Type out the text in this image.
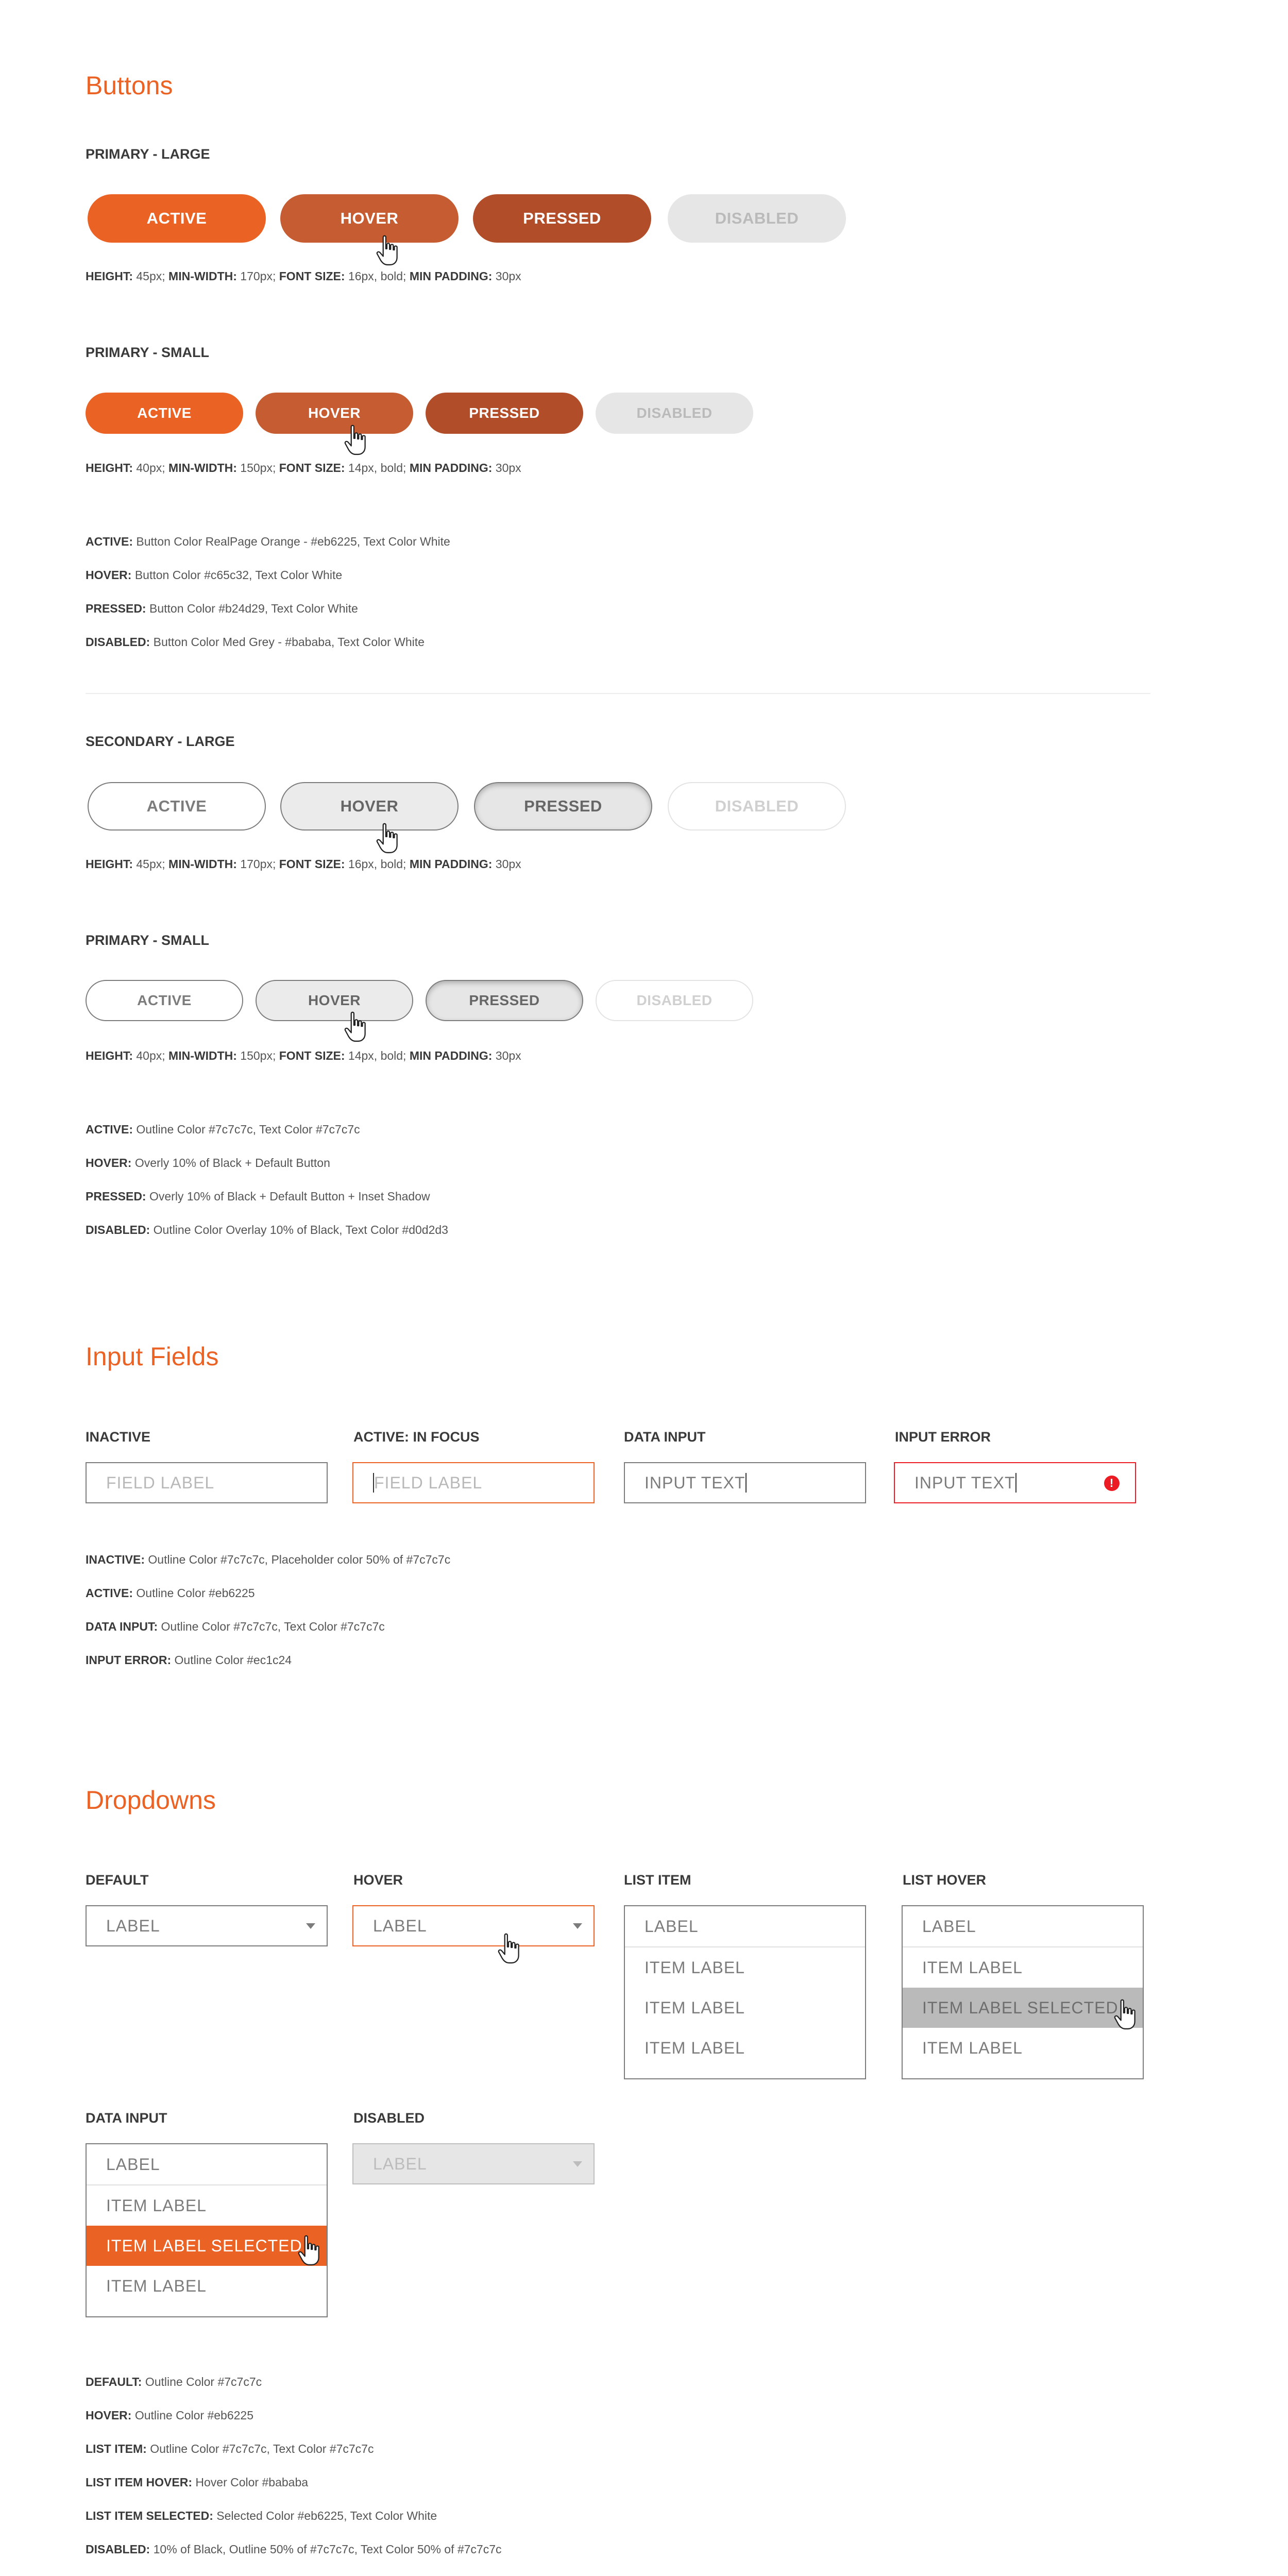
Buttons
PRIMARY - LARGE
ACTIVE	HOVER	PRESSED	DISABLED
HEIGHT: 45px; MIN-WIDTH: 170px; FONT SIZE: 16px, bold; MIN PADDING: 30px
PRIMARY - SMALL
ACTIVE	HOVER	PRESSED	DISABLED
HEIGHT: 40px; MIN-WIDTH: 150px; FONT SIZE: 14px, bold; MIN PADDING: 30px
ACTIVE: Button Color RealPage Orange - #eb6225, Text Color White
HOVER: Button Color #c65c32, Text Color White
PRESSED: Button Color #b24d29, Text Color White
DISABLED: Button Color Med Grey - #bababa, Text Color White
SECONDARY - LARGE
ACTIVE	HOVER	PRESSED	DISABLED
HEIGHT: 45px; MIN-WIDTH: 170px; FONT SIZE: 16px, bold; MIN PADDING: 30px
PRIMARY - SMALL
ACTIVE	HOVER	PRESSED	DISABLED
HEIGHT: 40px; MIN-WIDTH: 150px; FONT SIZE: 14px, bold; MIN PADDING: 30px
ACTIVE: Outline Color #7c7c7c, Text Color #7c7c7c
HOVER: Overly 10% of Black + Default Button
PRESSED: Overly 10% of Black + Default Button + Inset Shadow
DISABLED: Outline Color Overlay 10% of Black, Text Color #d0d2d3
Input Fields
INACTIVE	ACTIVE: IN FOCUS	DATA INPUT	INPUT ERROR
FIELD LABEL	FIELD LABEL	INPUT TEXT	INPUT TEXT	!
INACTIVE: Outline Color #7c7c7c, Placeholder color 50% of #7c7c7c
ACTIVE: Outline Color #eb6225
DATA INPUT: Outline Color #7c7c7c, Text Color #7c7c7c
INPUT ERROR: Outline Color #ec1c24
Dropdowns
DEFAULT	HOVER	LIST ITEM	LIST HOVER
LABEL	LABEL	LABEL
ITEM LABEL
ITEM LABEL
ITEM LABEL
LABEL
ITEM LABEL
ITEM LABEL SELECTED
ITEM LABEL
DATA INPUT	DISABLED
LABEL
ITEM LABEL
ITEM LABEL SELECTED
ITEM LABEL
LABEL
DEFAULT: Outline Color #7c7c7c
HOVER: Outline Color #eb6225
LIST ITEM: Outline Color #7c7c7c, Text Color #7c7c7c
LIST ITEM HOVER: Hover Color #bababa
LIST ITEM SELECTED: Selected Color #eb6225, Text Color White
DISABLED: 10% of Black, Outline 50% of #7c7c7c, Text Color 50% of #7c7c7c
